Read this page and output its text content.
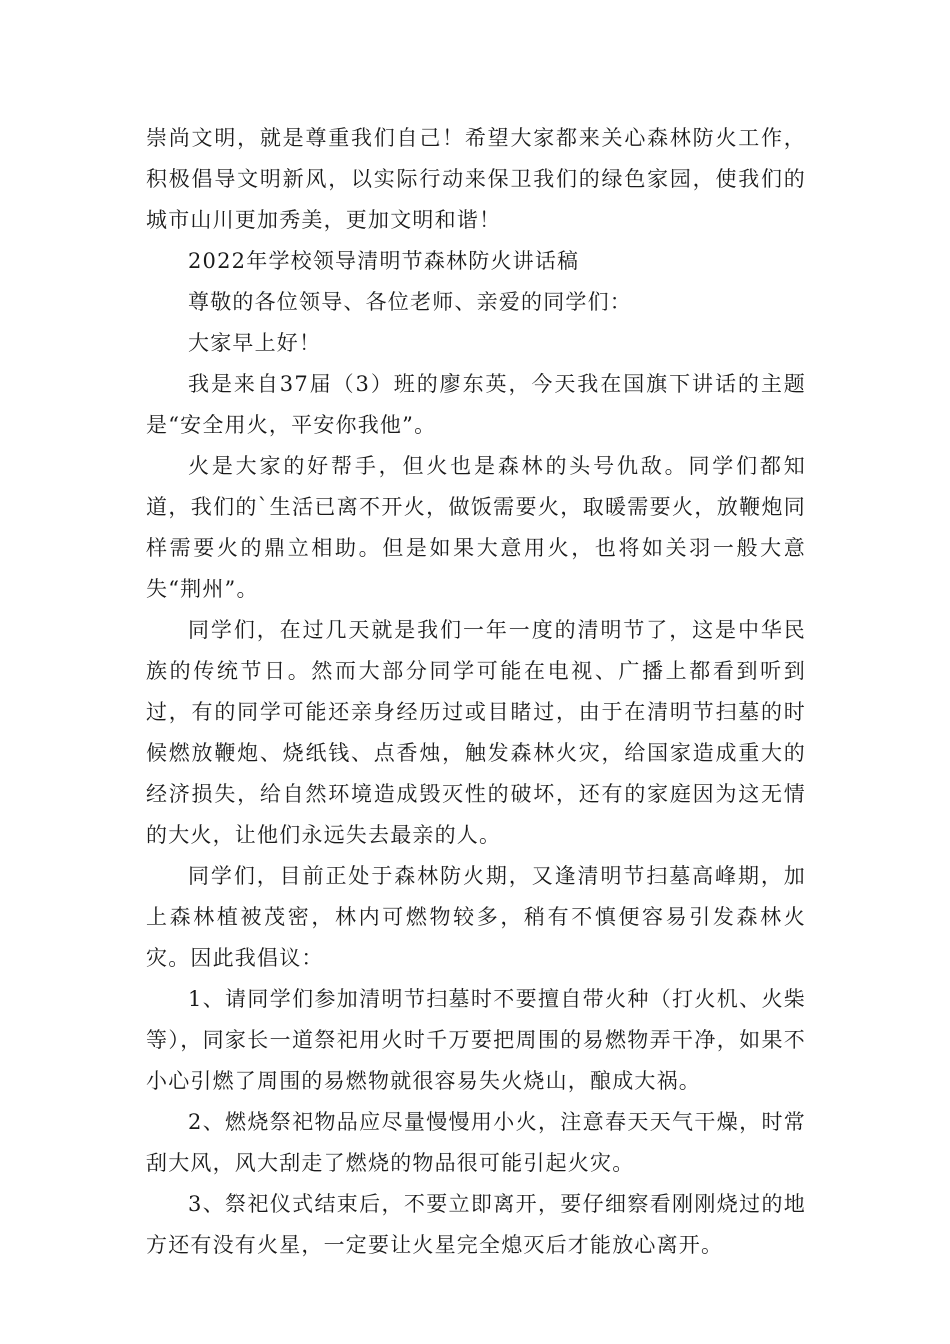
崇尚文明，就是尊重我们自己！希望大家都来关心森林防火工作，积极倡导文明新风，以实际行动来保卫我们的绿色家园，使我们的城市山川更加秀美，更加文明和谐！

2022年学校领导清明节森林防火讲话稿

尊敬的各位领导、各位老师、亲爱的同学们：

大家早上好！

我是来自37届（3）班的廖东英，今天我在国旗下讲话的主题是“安全用火，平安你我他”。

火是大家的好帮手，但火也是森林的头号仇敌。同学们都知道，我们的`生活已离不开火，做饭需要火，取暖需要火，放鞭炮同样需要火的鼎立相助。但是如果大意用火，也将如关羽一般大意失“荆州”。

同学们，在过几天就是我们一年一度的清明节了，这是中华民族的传统节日。然而大部分同学可能在电视、广播上都看到听到过，有的同学可能还亲身经历过或目睹过，由于在清明节扫墓的时候燃放鞭炮、烧纸钱、点香烛，触发森林火灾，给国家造成重大的经济损失，给自然环境造成毁灭性的破坏，还有的家庭因为这无情的大火，让他们永远失去最亲的人。

同学们，目前正处于森林防火期，又逢清明节扫墓高峰期，加上森林植被茂密，林内可燃物较多，稍有不慎便容易引发森林火灾。因此我倡议：

1、请同学们参加清明节扫墓时不要擅自带火种（打火机、火柴等），同家长一道祭祀用火时千万要把周围的易燃物弄干净，如果不小心引燃了周围的易燃物就很容易失火烧山，酿成大祸。

2、燃烧祭祀物品应尽量慢慢用小火，注意春天天气干燥，时常刮大风，风大刮走了燃烧的物品很可能引起火灾。

3、祭祀仪式结束后，不要立即离开，要仔细察看刚刚烧过的地方还有没有火星，一定要让火星完全熄灭后才能放心离开。
